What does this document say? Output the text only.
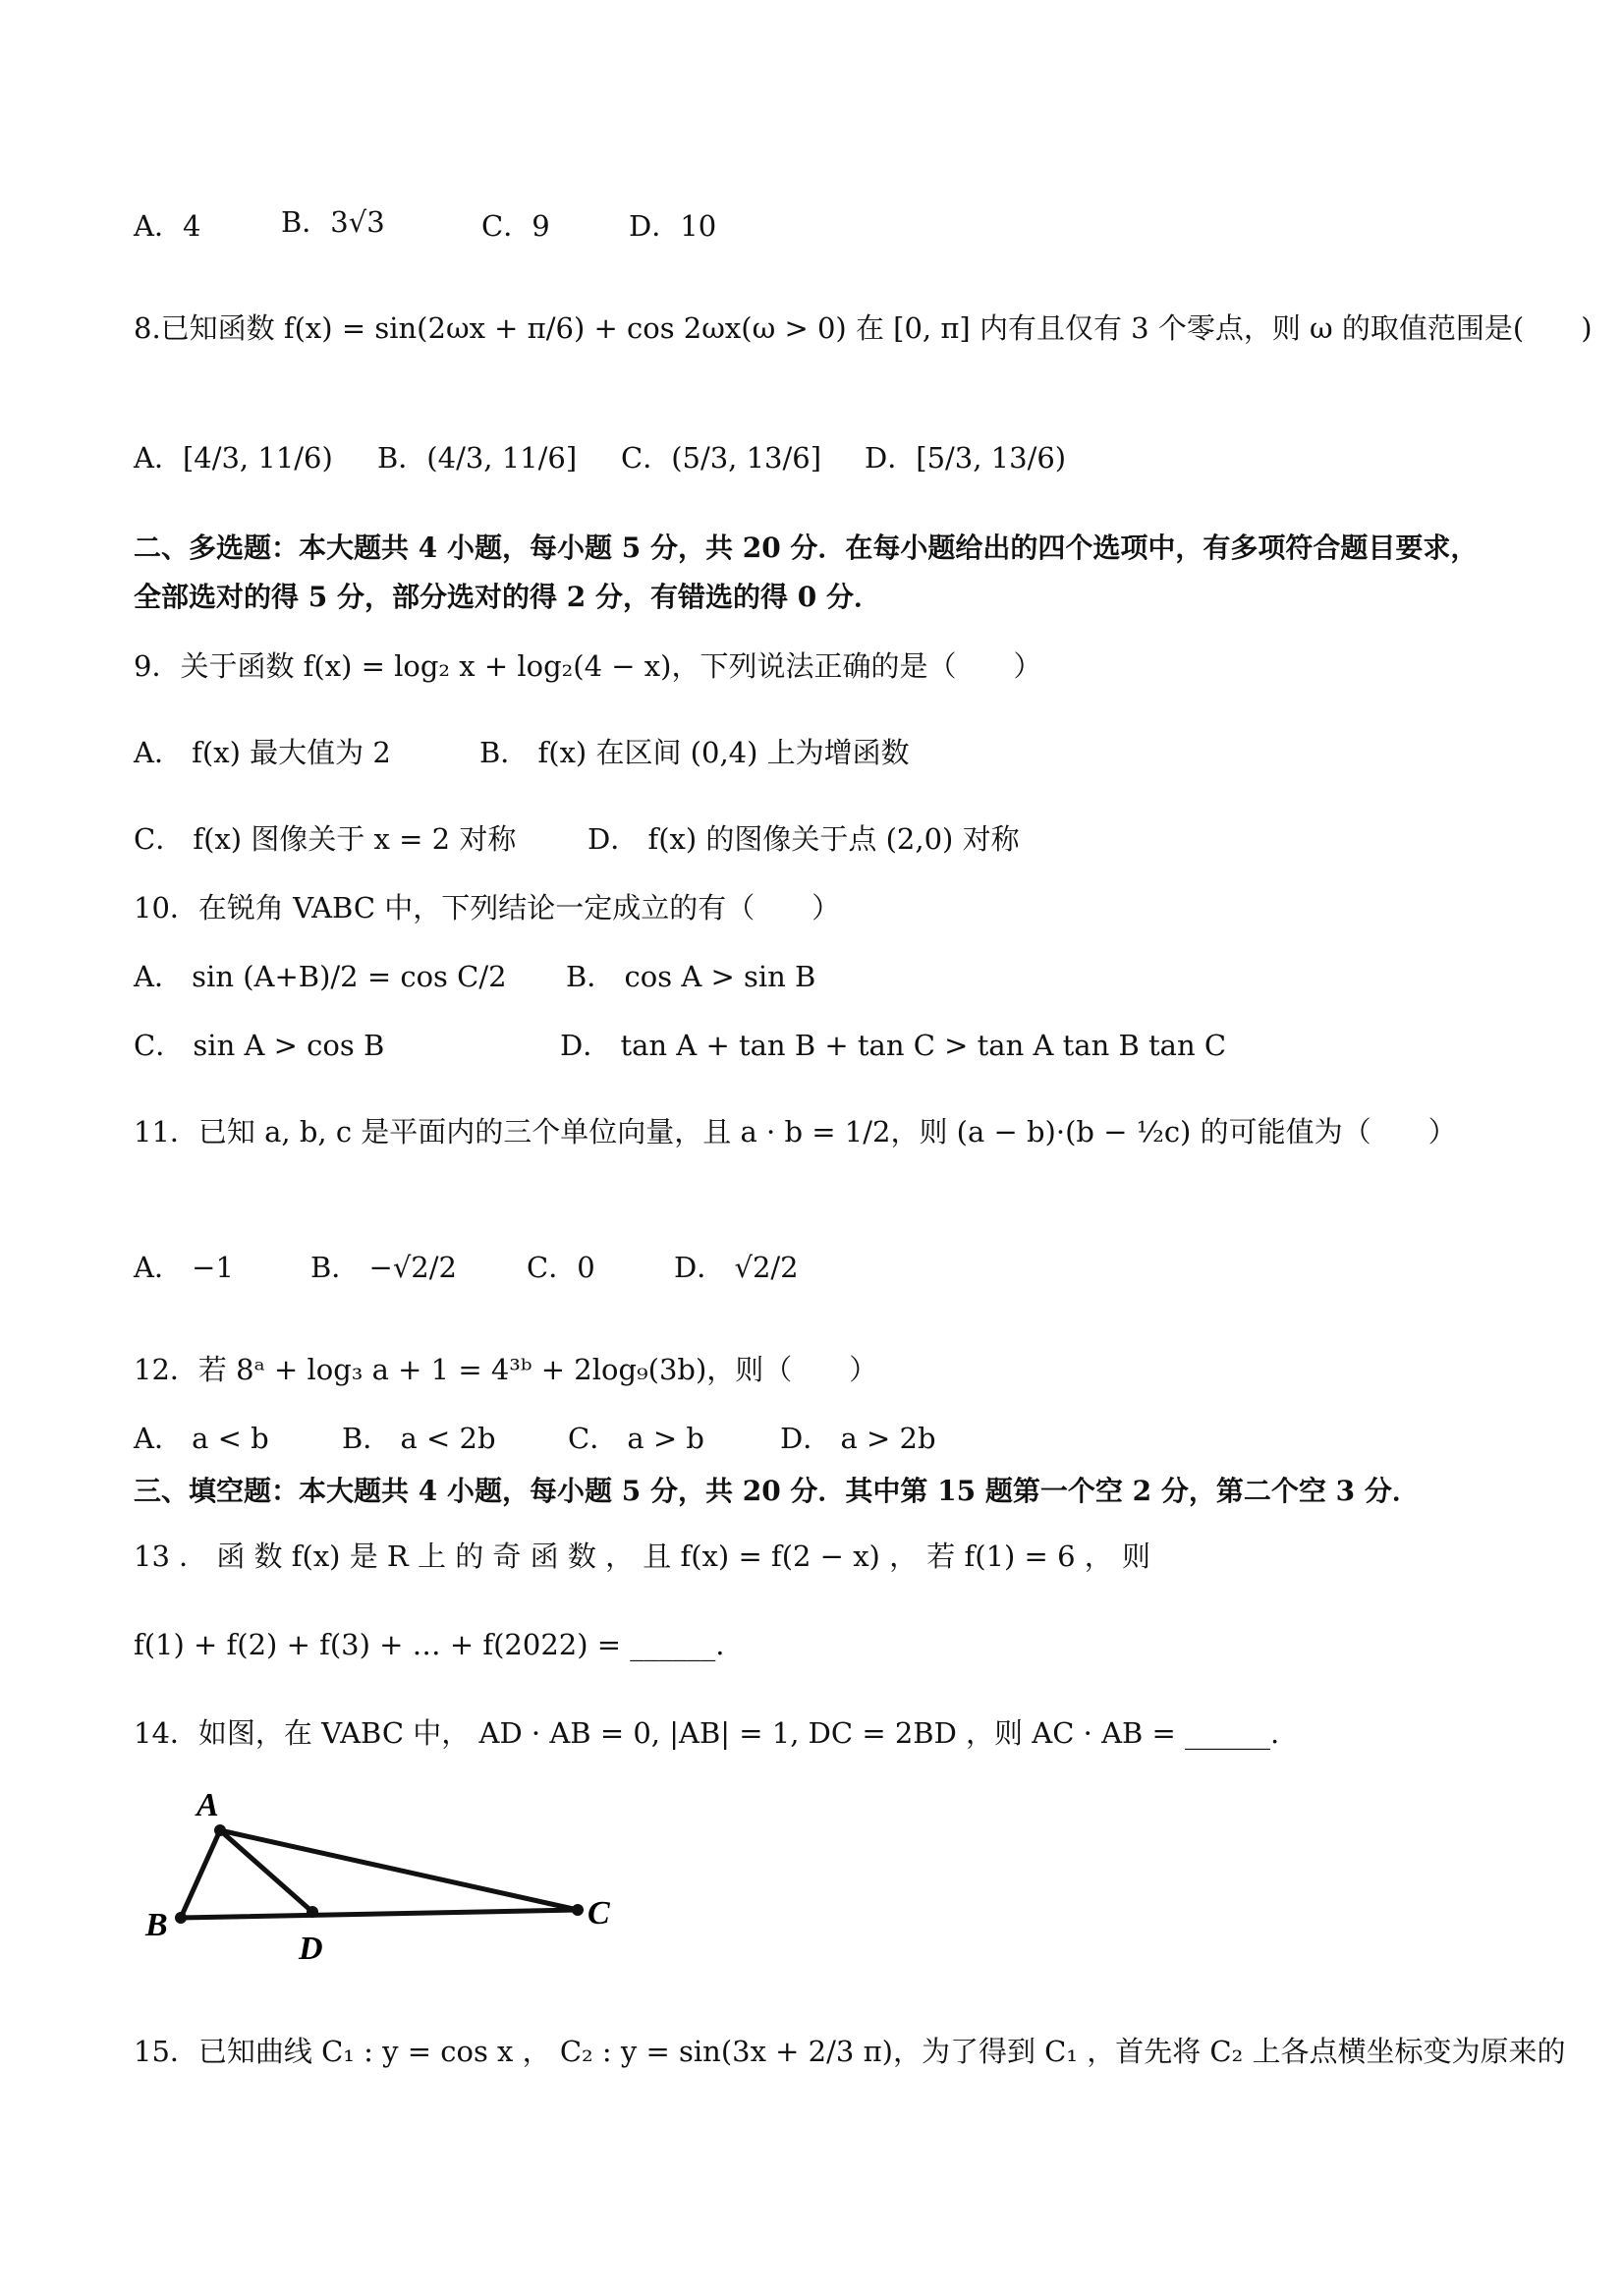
A．4	B．3√3	C．9	D．10
8.已知函数 f(x) = sin(2ωx + π/6) + cos 2ωx(ω > 0) 在 [0, π] 内有且仅有 3 个零点，则 ω 的取值范围是(　　)
A．[4/3, 11/6) B．(4/3, 11/6] C．(5/3, 13/6] D．[5/3, 13/6)
二、多选题：本大题共 4 小题，每小题 5 分，共 20 分．在每小题给出的四个选项中，有多项符合题目要求，
全部选对的得 5 分，部分选对的得 2 分，有错选的得 0 分．
9．关于函数 f(x) = log₂ x + log₂(4 − x)，下列说法正确的是（　　）
A． f(x) 最大值为 2	B． f(x) 在区间 (0,4) 上为增函数
C． f(x) 图像关于 x = 2 对称	D． f(x) 的图像关于点 (2,0) 对称
10．在锐角 VABC 中，下列结论一定成立的有（　　）
A． sin (A+B)/2 = cos C/2 B． cos A > sin B
C． sin A > cos B	D． tan A + tan B + tan C > tan A tan B tan C
11．已知 a, b, c 是平面内的三个单位向量，且 a · b = 1/2，则 (a − b)·(b − ½c) 的可能值为（　　）
A． −1	B． −√2/2 C．0	D． √2/2
12．若 8ᵃ + log₃ a + 1 = 4³ᵇ + 2log₉(3b)，则（　　）
A． a < b	B． a < 2b	C． a > b	D． a > 2b
三、填空题：本大题共 4 小题，每小题 5 分，共 20 分．其中第 15 题第一个空 2 分，第二个空 3 分．
13 ． 函 数 f(x) 是 R 上 的 奇 函 数 ， 且 f(x) = f(2 − x) ， 若 f(1) = 6 ， 则
f(1) + f(2) + f(3) + … + f(2022) = ______.
14．如图，在 VABC 中， AD · AB = 0, |AB| = 1, DC = 2BD ，则 AC · AB = ______.
A
B
D
C
15．已知曲线 C₁ : y = cos x ， C₂ : y = sin(3x + 2/3 π)，为了得到 C₁ ，首先将 C₂ 上各点横坐标变为原来的
